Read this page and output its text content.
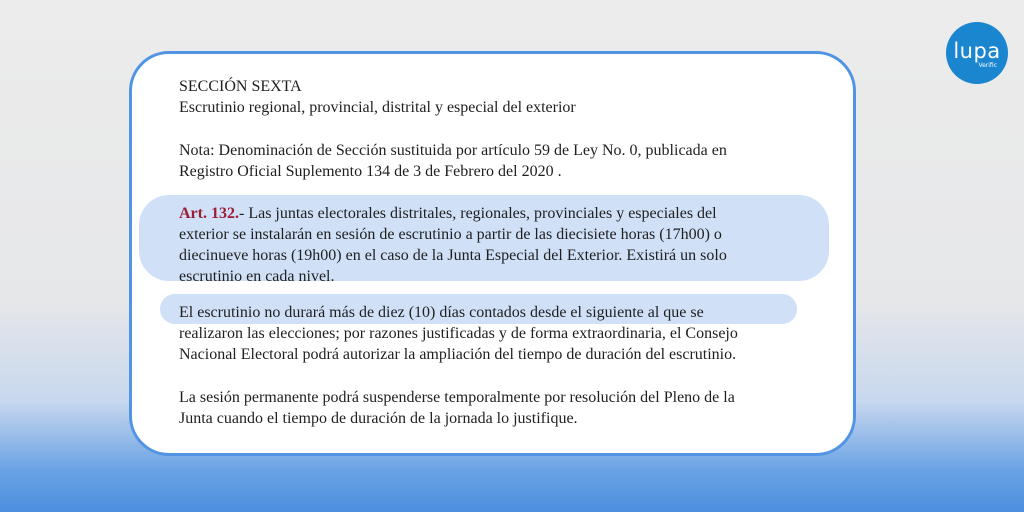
lupa
Verific
SECCIÓN SEXTA
Escrutinio regional, provincial, distrital y especial del exterior
Nota: Denominación de Sección sustituida por artículo 59 de Ley No. 0, publicada en
Registro Oficial Suplemento 134 de 3 de Febrero del 2020 .
Art. 132.- Las juntas electorales distritales, regionales, provinciales y especiales del
exterior se instalarán en sesión de escrutinio a partir de las diecisiete horas (17h00) o
diecinueve horas (19h00) en el caso de la Junta Especial del Exterior. Existirá un solo
escrutinio en cada nivel.
El escrutinio no durará más de diez (10) días contados desde el siguiente al que se
realizaron las elecciones; por razones justificadas y de forma extraordinaria, el Consejo
Nacional Electoral podrá autorizar la ampliación del tiempo de duración del escrutinio.
La sesión permanente podrá suspenderse temporalmente por resolución del Pleno de la
Junta cuando el tiempo de duración de la jornada lo justifique.
